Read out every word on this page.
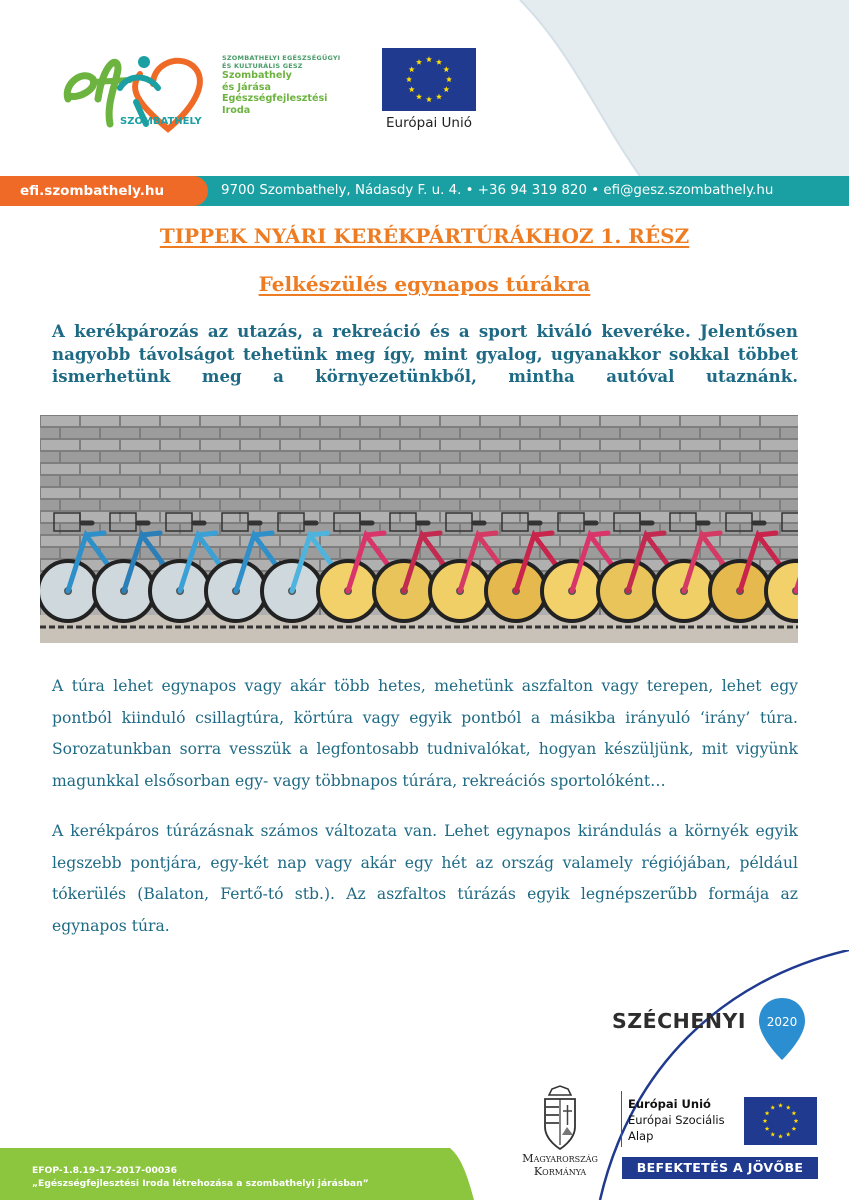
SZOMBATHELY
SZOMBATHELYI EGÉSZSÉGÜGYI
ÉS KULTURÁLIS GESZ
Szombathely
és Járása
Egészségfejlesztési
Iroda
Európai Unió
efi.szombathely.hu	9700 Szombathely, Nádasdy F. u. 4. • +36 94 319 820 • efi@gesz.szombathely.hu
TIPPEK NYÁRI KERÉKPÁRTÚRÁKHOZ 1. RÉSZ
Felkészülés egynapos túrákra
A kerékpározás az utazás, a rekreáció és a sport kiváló keveréke. Jelentősen nagyobb távolságot tehetünk meg így, mint gyalog, ugyanakkor sokkal többet ismerhetünk meg a környezetünkből, mintha autóval utaznánk.
A túra lehet egynapos vagy akár több hetes, mehetünk aszfalton vagy terepen, lehet egy pontból kiinduló csillagtúra, körtúra vagy egyik pontból a másikba irányuló ‘irány’ túra. Sorozatunkban sorra vesszük a legfontosabb tudnivalókat, hogyan készüljünk, mit vigyünk magunkkal elsősorban egy- vagy többnapos túrára, rekreációs sportolóként…
A kerékpáros túrázásnak számos változata van. Lehet egynapos kirándulás a környék egyik legszebb pontjára, egy-két nap vagy akár egy hét az ország valamely régiójában, például tókerülés (Balaton, Fertő-tó stb.). Az aszfaltos túrázás egyik legnépszerűbb formája az egynapos túra.
EFOP-1.8.19-17-2017-00036
„Egészségfejlesztési Iroda létrehozása a szombathelyi járásban”
SZÉCHENYI 2020
Magyarország
Kormánya
Európai Unió
Európai Szociális
Alap
BEFEKTETÉS A JÖVŐBE
